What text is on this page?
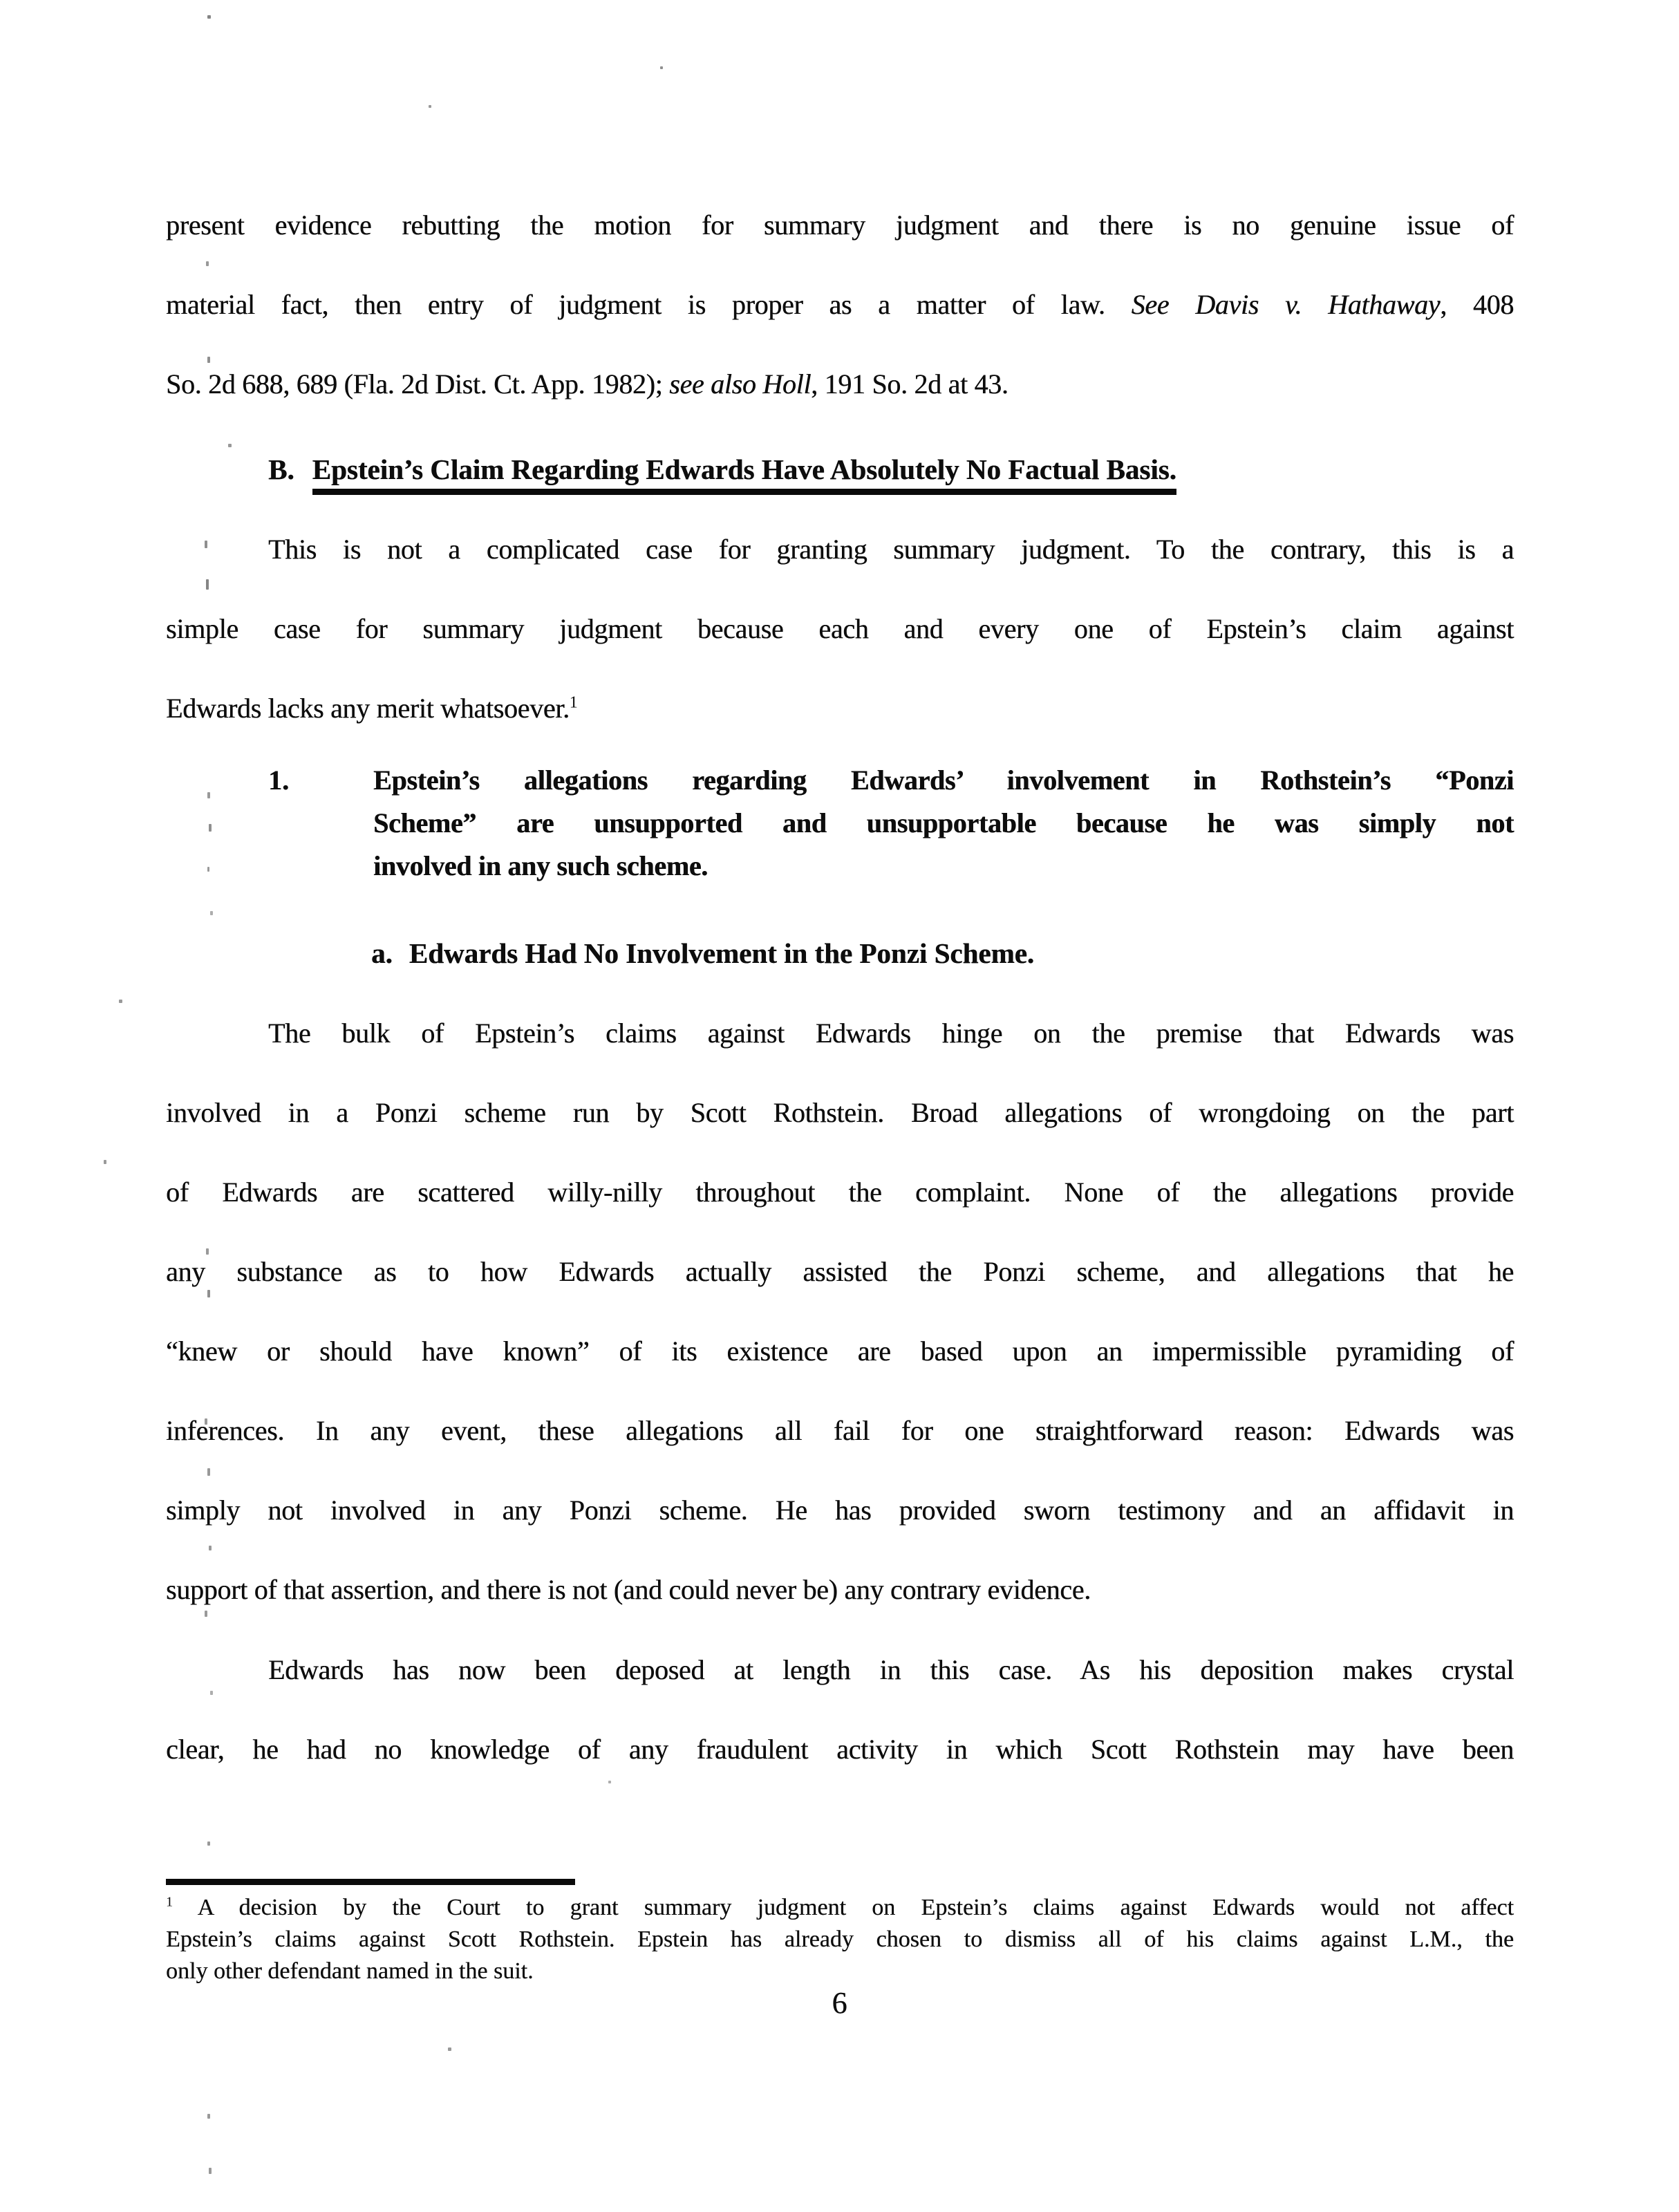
present evidence rebutting the motion for summary judgment and there is no genuine issue of
material fact, then entry of judgment is proper as a matter of law. See Davis v. Hathaway, 408
So. 2d 688, 689 (Fla. 2d Dist. Ct. App. 1982); see also Holl, 191 So. 2d at 43.
B. Epstein’s Claim Regarding Edwards Have Absolutely No Factual Basis.
This is not a complicated case for granting summary judgment. To the contrary, this is a
simple case for summary judgment because each and every one of Epstein’s claim against
Edwards lacks any merit whatsoever.$^1$
1.	Epstein’s allegations regarding Edwards’ involvement in Rothstein’s “Ponzi
Scheme” are unsupported and unsupportable because he was simply not
involved in any such scheme.
a. Edwards Had No Involvement in the Ponzi Scheme.
The bulk of Epstein’s claims against Edwards hinge on the premise that Edwards was
involved in a Ponzi scheme run by Scott Rothstein. Broad allegations of wrongdoing on the part
of Edwards are scattered willy-nilly throughout the complaint. None of the allegations provide
any substance as to how Edwards actually assisted the Ponzi scheme, and allegations that he
“knew or should have known” of its existence are based upon an impermissible pyramiding of
inferences. In any event, these allegations all fail for one straightforward reason: Edwards was
simply not involved in any Ponzi scheme. He has provided sworn testimony and an affidavit in
support of that assertion, and there is not (and could never be) any contrary evidence.
Edwards has now been deposed at length in this case. As his deposition makes crystal
clear, he had no knowledge of any fraudulent activity in which Scott Rothstein may have been
$^1$ A decision by the Court to grant summary judgment on Epstein’s claims against Edwards would not affect
Epstein’s claims against Scott Rothstein. Epstein has already chosen to dismiss all of his claims against L.M., the
only other defendant named in the suit.
6
